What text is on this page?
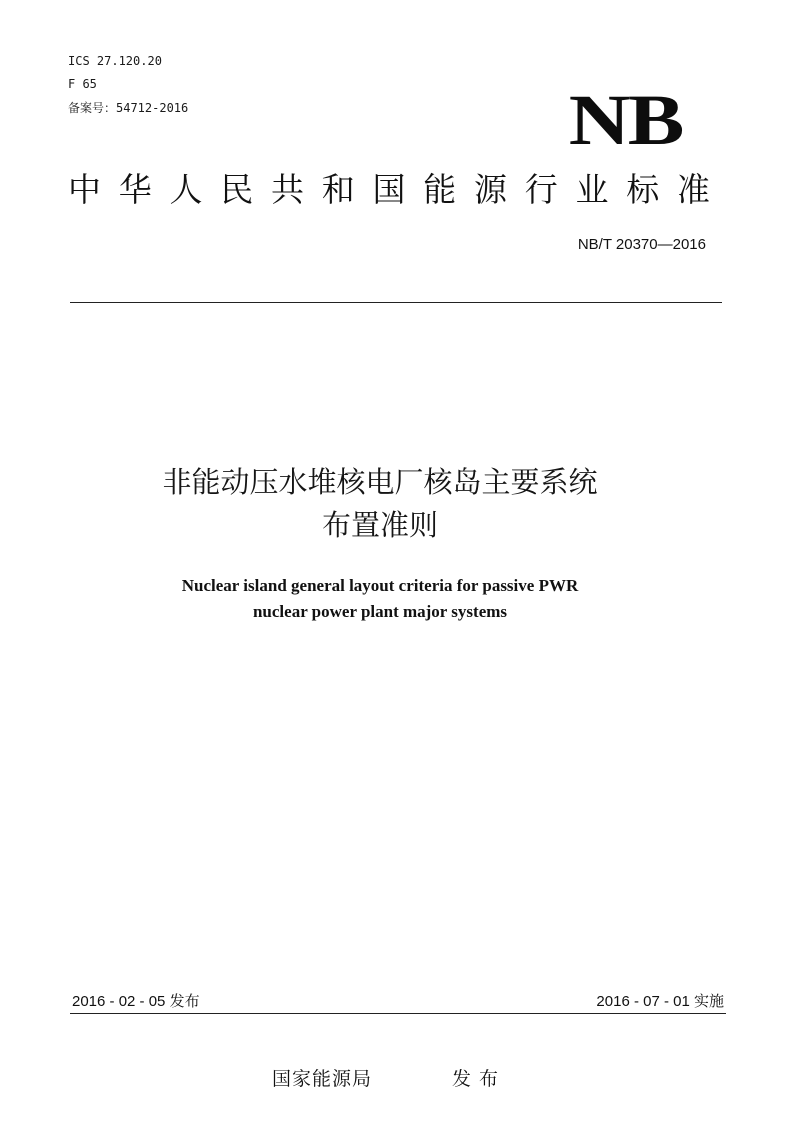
ICS 27.120.20
F 65
备案号：54712-2016	NB
中华人民共和国能源行业标准
NB/T 20370—2016
非能动压水堆核电厂核岛主要系统
布置准则
Nuclear island general layout criteria for passive PWR
nuclear power plant major systems
2016 - 02 - 05 发布	2016 - 07 - 01 实施
国家能源局	发 布
